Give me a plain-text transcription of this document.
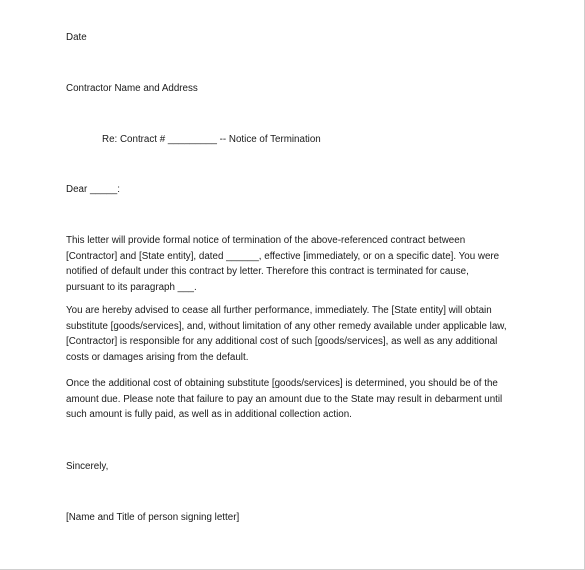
Date
Contractor Name and Address
Re: Contract # _________ -- Notice of Termination
Dear _____:
This letter will provide formal notice of termination of the above-referenced contract between
[Contractor] and [State entity], dated ______, effective [immediately, or on a specific date]. You were
notified of default under this contract by letter. Therefore this contract is terminated for cause,
pursuant to its paragraph ___.
You are hereby advised to cease all further performance, immediately. The [State entity] will obtain
substitute [goods/services], and, without limitation of any other remedy available under applicable law,
[Contractor] is responsible for any additional cost of such [goods/services], as well as any additional
costs or damages arising from the default.
Once the additional cost of obtaining substitute [goods/services] is determined, you should be of the
amount due. Please note that failure to pay an amount due to the State may result in debarment until
such amount is fully paid, as well as in additional collection action.
Sincerely,
[Name and Title of person signing letter]
